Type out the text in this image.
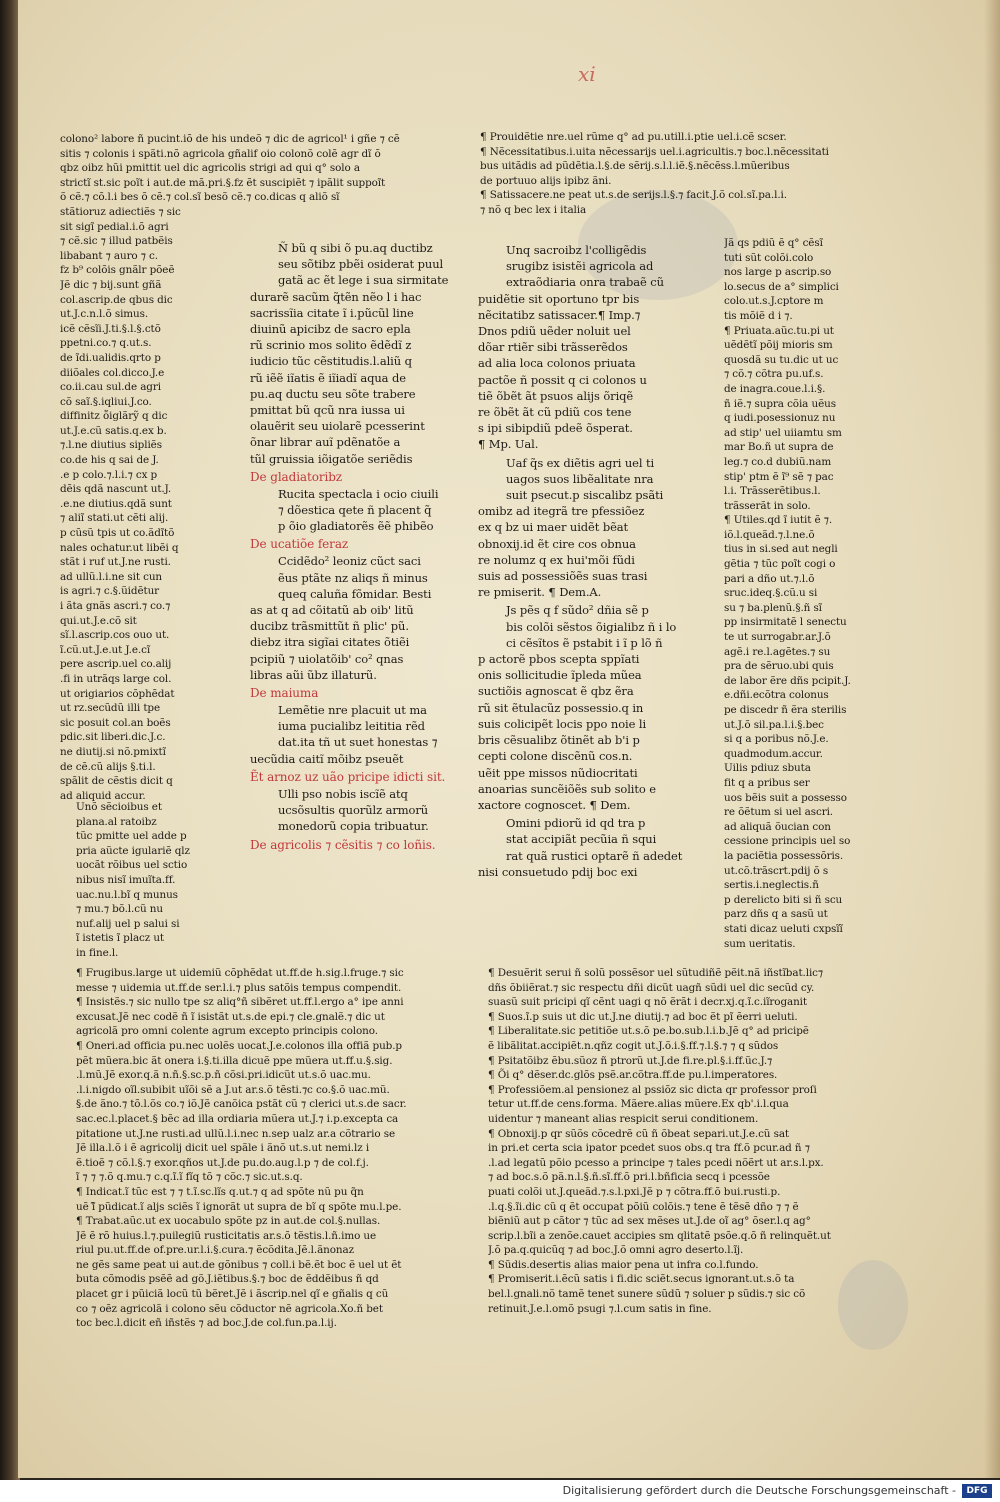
xi
colono² labore ñ pucint.iõ de his undeõ ⁊ dic de agricol¹ i gñe ⁊ cẽ
sitis ⁊ colonis i spãti.nõ agricola gñalif oio colonõ colẽ agr dĩ õ
qbz oibz hũi pmittit uel dic agricolis strigi ad qui q° solo a
strictĩ st.sic poĩt i aut.de mã.pri.§.fz ẽt suscipiẽt ⁊ ipãlit suppoĩt
õ cẽ.⁊ cõ.l.i bes õ cẽ.⁊ col.sĩ besõ cẽ.⁊ co.dicas q aliõ sĩ
stãtioruz adiectiẽs ⁊ sic
sit sigĩ pedial.i.õ agri
⁊ cẽ.sic ⁊ illud patbẽis
libabant ⁊ auro ⁊ c.
fz b⁹ colõis gnãlr põeẽ
Jẽ dic ⁊ bij.sunt gñã
col.ascrip.de qbus dic
ut.J.c.n.l.õ simus.
icẽ cẽsĩi.J.ti.§.l.§.ctõ
ppetni.co.⁊ q.ut.s.
de ĩdi.ualidis.qrto p
diiõales col.dicco.J.e
co.ii.cau sul.de agri
cõ saĩ.§.iqliui.J.co.
diffinitz ṏiglãrỹ q dic
ut.J.e.cũ satis.q.ex b.
⁊.l.ne diutius sipliẽs
co.de his q sai de J.
.e p colo.⁊.l.i.⁊ cx p
dẽis qdã nascunt ut.J.
.e.ne diutius.qdã sunt
⁊ aliĩ stati.ut cẽti alij.
p cũsũ tpis ut co.ãdĩtõ
nales ochatur.ut libẽi q
stãt i ruf ut.J.ne rusti.
ad ullũ.l.i.ne sit cun
is agri.⁊ c.§.ũidẽtur
i ãta gnãs ascri.⁊ co.⁊
qui.ut.J.e.cõ sit
sĩ.l.ascrip.cos ouo ut.
ĩ.cũ.ut.J.e.ut J.e.cĩ
pere ascrip.uel co.alij
.fi in utrãqs large col.
ut origiarios cõphẽdat
ut rz.secũdũ illi tpe
sic posuit col.an boẽs
pdic.sit liberi.dic.J.c.
ne diutij.si nõ.pmixtĩ
de cẽ.cũ alijs §.ti.l.
spãlit de cẽstis dicit q
ad aliquid accur.
Unõ sẽcioibus et
plana.al ratoibz
tũc pmitte uel adde p
pria aũcte igulariẽ qlz
uocãt rõibus uel sctio
nibus nisĩ imuĩta.ff.
uac.nu.l.bĩ q munus
⁊ mu.⁊ bõ.l.cũ nu
nuf.alij uel p salui si
ĩ istetis ĩ placz ut
in fine.l.
Ñ bũ q sibi õ pu.aq ductibz
seu sõtibz pbẽi osiderat puul
gatã ac ẽt lege i sua sirmitate
durarẽ sacũm q̃tẽn nẽo l i hac
sacrissĩia citate ĩ i.pũcũl line
diuinũ apicibz de sacro epla
rũ scrinio mos solito ẽdẽdĩ z
iudicio tũc cẽstitudis.l.aliũ q
rũ iẽẽ iĩatis ẽ iĩiadĩ aqua de
pu.aq ductu seu sõte trabere
pmittat bũ qcũ nra iussa ui
olauẽrit seu uiolarẽ pcesserint
õnar librar auĩ pdẽnatõe a
tũl gruissia iõigatõe seriẽdis
De gladiatoribz
Rucita spectacla i ocio ciuili
⁊ dõestica qete ñ placent q̃
p õio gladiatorẽs ẽẽ phibẽo
De ucatiõe feraz
Ccidẽdo² leoniz cũct saci
ẽus ptãte nz aliqs ñ minus
queq caluña fõmidar. Besti
as at q ad cõitatũ ab oib' litũ
ducibz trãsmittũt ñ plic' pũ.
diebz itra sigĩai citates õtiẽi
pcipiũ ⁊ uiolatõib' co² qnas
libras aũi ũbz illaturũ.
De maiuma
Lemẽtie nre placuit ut ma
iuma pucialibz leititia rẽd
dat.ita tñ ut suet honestas ⁊
uecũdia caitĩ mõibz pseuẽt
Ẽt arnoz uz uão pricipe idicti sit.
Ulli pso nobis iscĩẽ atq
ucsõsultis quorũlz armorũ
monedorũ copia tribuatur.
De agricolis ⁊ cẽsitis ⁊ co loñis.
¶ Prouidẽtie nre.uel rũme q° ad pu.utill.i.ptie uel.i.cẽ scser.
¶ Nẽcessitatibus.i.uita nẽcessarijs uel.i.agricultis.⁊ boc.l.nẽcessitati
bus uitãdis ad pũdẽtia.l.§.de sẽrij.s.l.l.iẽ.§.nẽcẽss.l.mũeribus
de portuuo alijs ipibz ãni.
¶ Satissacere.ne peat ut.s.de serijs.l.§.⁊ facit.J.õ col.sĩ.pa.l.i.
⁊ nõ q bec lex i italia
Unq sacroibz l'colligẽdis
srugibz isistẽi agricola ad
extraõdiaria onra trabaẽ cũ
puidẽtie sit oportuno tpr bis
nẽcitatibz satissacer.¶ Imp.⁊
Dnos pdiũ uẽder noluit uel
dõar rtiẽr sibi trãsserẽdos
ad alia loca colonos priuata
pactõe ñ possit q ci colonos u
tiẽ õbẽt ãt psuos alijs õriqẽ
re õbẽt ãt cũ pdiũ cos tene
s ipi sibipdiũ pdeẽ õsperat.
¶ Mp. Ual.
Uaf q̃s ex diẽtis agri uel ti
uagos suos libẽalitate nra
suit psecut.p siscalibz psãti
omibz ad itegrã tre pfessiõez
ex q bz ui maer uidẽt bẽat
obnoxij.id ẽt cire cos obnua
re nolumz q ex hui'mõi fũdi
suis ad possessiõẽs suas trasi
re pmiserit. ¶ Dem.A.
Js pẽs q f sũdo² dñia sẽ p
bis colõi sẽstos õigialibz ñ i lo
ci cẽsĩtos ẽ pstabit i ĩ p lõ ñ
p actorẽ pbos scepta sppĩati
onis sollicitudie ĩpleda mũea
suctiõis agnoscat ẽ qbz ẽra
rũ sit ẽtulacũz possessio.q in
suis colicipẽt locis ppo noie li
bris cẽsualibz õtinẽt ab b'i p
cepti colone discẽnũ cos.n.
uẽit ppe missos nũdiocritati
anoarias suncẽiõẽs sub solito e
xactore cognoscet. ¶ Dem.
Omini pdiorũ id qd tra p
stat accipiãt pecũia ñ squi
rat quã rustici optarẽ ñ adedet
nisi consuetudo pdij boc exi
Jã qs pdiũ ẽ q° cẽsĩ
tuti sũt colõi.colo
nos large p ascrip.so
lo.secus de a° simplici
colo.ut.s.J.cptore m
tis mõiẽ d i ⁊.
¶ Priuata.aũc.tu.pi ut
uẽdẽtĩ põij mioris sm
quosdã su tu.dic ut uc
⁊ cõ.⁊ cõtra pu.uf.s.
de inagra.coue.l.i.§.
ñ iẽ.⁊ supra cõia uẽus
q iudi.posessionuz nu
ad stip' uel uiiamtu sm
mar Bo.ñ ut supra de
leg.⁊ co.d dubiũ.nam
stip' ptm ẽ ĩ⁹ sẽ ⁊ pac
l.i. Trãsserẽtibus.l.
trãsserãt in solo.
¶ Utiles.qd ĩ iutit ẽ ⁊.
iõ.l.queãd.⁊.l.ne.õ
tius in si.sed aut negli
gẽtia ⁊ tũc poĩt cogi o
pari a dño ut.⁊.l.õ
sruc.ideq.§.cũ.u si
su ⁊ ba.plenũ.§.ñ sĩ
pp insirmitatẽ l senectu
te ut surrogabr.ar.J.õ
agẽ.i re.l.agẽtes.⁊ su
pra de sẽruo.ubi quis
de labor ẽre dñs pcipit.J.
e.dñi.ecõtra colonus
pe discedr ñ ẽra sterilis
ut.J.õ sil.pa.l.i.§.bec
si q a poribus nõ.J.e.
quadmodum.accur.
Uilis pdiuz sbuta
fit q a pribus ser
uos bẽis suit a possesso
re õẽtum si uel ascri.
ad aliquã õucian con
cessione principis uel so
la paciẽtia possessõris.
ut.cõ.trãscrt.pdij õ s
sertis.i.neglectis.ñ
p derelicto biti si ñ scu
parz dñs q a sasũ ut
stati dicaz ueluti cxpsĩĩ
sum ueritatis.
¶ Frugibus.large ut uidemiũ cõphẽdat ut.ff.de h.sig.l.fruge.⁊ sic
messe ⁊ uidemia ut.ff.de ser.l.i.⁊ plus satõis tempus compendit.
¶ Insistẽs.⁊ sic nullo tpe sz aliq°ñ sibẽret ut.ff.l.ergo a° ipe anni
excusat.Jẽ nec codẽ ñ ĩ isistãt ut.s.de epi.⁊ cle.gnalẽ.⁊ dic ut
agricolã pro omni colente agrum excepto principis colono.
¶ Oneri.ad officia pu.nec uolẽs uocat.J.e.colonos illa offiã pub.p
pẽt mũera.bic ãt onera i.§.ti.illa dicuẽ ppe mũera ut.ff.u.§.sig.
.l.mũ.Jẽ exor.q.ã n.ñ.§.sc.p.ñ cõsi.pri.idicũt ut.s.õ uac.mu.
.l.i.nigdo oĩl.subibit uĩõi sẽ a J.ut ar.s.õ tẽsti.⁊c co.§.õ uac.mũ.
§.de ãno.⁊ tõ.l.õs co.⁊ iõ.Jẽ canõica pstãt cũ ⁊ clerici ut.s.de sacr.
sac.ec.l.placet.§ bẽc ad illa ordiaria mũera ut.J.⁊ i.p.excepta ca
pitatione ut.J.ne rusti.ad ullũ.l.i.nec n.sep ualz ar.a cõtrario se
Jẽ illa.l.õ i ẽ agricolij dicit uel spãle i ãnõ ut.s.ut nemi.lz i
ẽ.tioẽ ⁊ cõ.l.§.⁊ exor.qños ut.J.de pu.do.aug.l.p ⁊ de col.f.j.
ĩ ⁊ ⁊ ⁊.õ q.mu.⁊ c.q.ĩ.ĩ fĩq tõ ⁊ cõc.⁊ sic.ut.s.q.
¶ Indicat.ĩ tũc est ⁊ ⁊ t.ĩ.sc.lĩs q.ut.⁊ q ad spõte nũ pu q̃n
uẽ ĩ̃ pũdicat.ĩ aljs sciẽs ĩ ignorãt ut supra de bĩ q spõte mu.l.pe.
¶ Trabat.aũc.ut ex uocabulo spõte pz in aut.de col.§.nullas.
Jẽ ẽ rõ huius.l.⁊.puilegiũ rusticitatis ar.s.õ tẽstis.l.ñ.imo ue
riul pu.ut.ff.de of.pre.ur.l.i.§.cura.⁊ ẽcõdita.Jẽ.l.ãnonaz
ne gẽs same peat ui aut.de gõnibus ⁊ coll.i bẽ.ẽt boc ẽ uel ut ẽt
buta cõmodis psẽẽ ad gõ.J.iẽtibus.§.⁊ boc de ẽddẽibus ñ qd
placet gr i pũiciã locũ tũ bẽret.Jẽ i ãscrip.nel qĩ e gñalis q cũ
co ⁊ oẽz agricolã i colono sẽu cõductor nẽ agricola.Xo.ñ bet
toc bec.l.dicit eñ iñstẽs ⁊ ad boc.J.de col.fun.pa.l.ij.
¶ Desuẽrit serui ñ solũ possẽsor uel sũtudiñẽ pẽit.nã iñstĩbat.lic⁊
dñs õbiiẽrat.⁊ sic respectu dñi dicũt uagñ sũdi uel dic secũd cy.
suasũ suit pricipi qĩ cẽnt uagi q nõ ẽrãt i decr.xj.q.ĩ.c.iĩroganit
¶ Suos.ĩ.p suis ut dic ut.J.ne diutij.⁊ ad boc ẽt pĩ ẽerri ueluti.
¶ Liberalitate.sic petitiõe ut.s.õ pe.bo.sub.l.i.b.Jẽ q° ad pricipẽ
ẽ libãlitat.accipiẽt.n.qñz cogit ut.J.õ.i.§.ff.⁊.l.§.⁊ ⁊ q sũdos
¶ Psitatõibz ẽbu.sũoz ñ ptrorũ ut.J.de fi.re.pl.§.i.ff.ũc.J.⁊
¶ Õi q° dẽser.dc.glõs psẽ.ar.cõtra.ff.de pu.l.imperatores.
¶ Professiõem.al pensionez al pssiõz sic dicta qr professor proſi
tetur ut.ff.de cens.forma. Mãere.alias mũere.Ex qb'.i.l.qua
uidentur ⁊ maneant alias respicit serui conditionem.
¶ Obnoxij.p qr sũõs cõcedrẽ cũ ñ õbeat separi.ut.J.e.cũ sat
in pri.et certa scia ipator pcedet suos obs.q tra ff.õ pcur.ad ñ ⁊
.l.ad legatũ põio pcesso a principe ⁊ tales pcedi nõẽrt ut ar.s.l.px.
⁊ ad boc.s.õ pã.n.l.§.ñ.sĩ.ff.õ pri.l.bñficia secq i pcessõe
puati colõi ut.J.queãd.⁊.s.l.pxi.Jẽ p ⁊ cõtra.ff.õ bui.rusti.p.
.l.q.§.ĩi.dic cũ q ẽt occupat põiũ colõis.⁊ tene ẽ tẽsẽ dño ⁊ ⁊ ẽ
biẽniũ aut p cãtor ⁊ tũc ad sex mẽses ut.J.de oĩ ag° õser.l.q ag°
scrip.l.bĩi a zenõe.cauet accipies sm qlitatẽ psõe.q.õ ñ relinquẽt.ut
J.õ pa.q.quicũq ⁊ ad boc.J.õ omni agro deserto.l.ĩj.
¶ Sũdis.desertis alias maior pena ut infra co.l.fundo.
¶ Promiserit.i.ẽcũ satis i fi.dic sciẽt.secus ignorant.ut.s.õ ta
bel.l.gnali.nõ tamẽ tenet sunere sũdũ ⁊ soluer p sũdis.⁊ sic cõ
retinuit.J.e.l.omõ psugi ⁊.l.cum satis in fine.
Digitalisierung gefördert durch die Deutsche Forschungsgemeinschaft -	DFG
